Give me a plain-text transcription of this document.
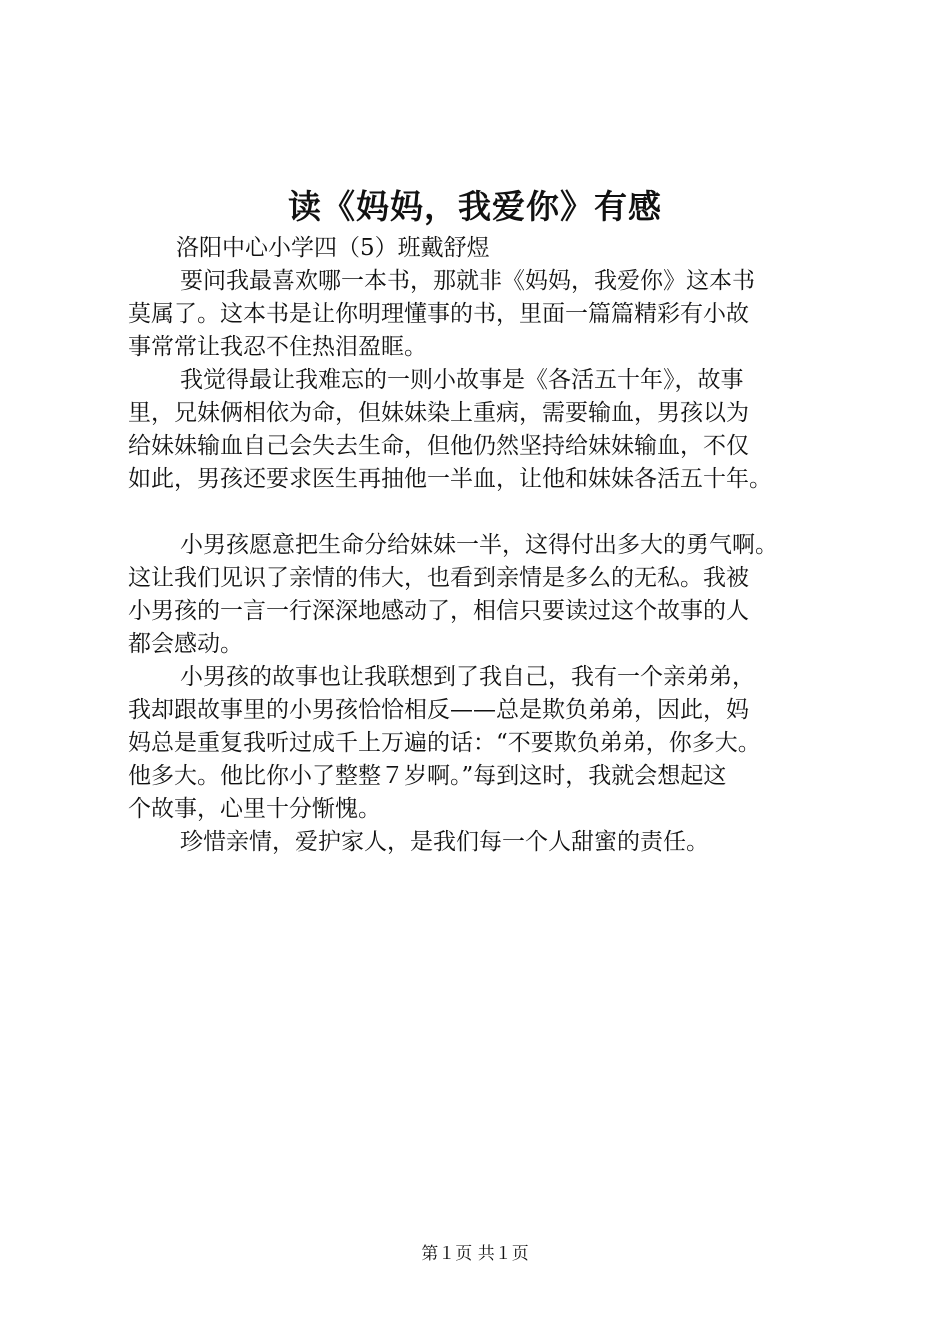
读《妈妈，我爱你》有感

洛阳中心小学四（5）班戴舒煜

要问我最喜欢哪一本书，那就非《妈妈，我爱你》这本书
莫属了。这本书是让你明理懂事的书，里面一篇篇精彩有小故
事常常让我忍不住热泪盈眶。

我觉得最让我难忘的一则小故事是《各活五十年》，故事
里，兄妹俩相依为命，但妹妹染上重病，需要输血，男孩以为
给妹妹输血自己会失去生命，但他仍然坚持给妹妹输血，不仅
如此，男孩还要求医生再抽他一半血，让他和妹妹各活五十年。

小男孩愿意把生命分给妹妹一半，这得付出多大的勇气啊。
这让我们见识了亲情的伟大，也看到亲情是多么的无私。我被
小男孩的一言一行深深地感动了，相信只要读过这个故事的人
都会感动。

小男孩的故事也让我联想到了我自己，我有一个亲弟弟，
我却跟故事里的小男孩恰恰相反——总是欺负弟弟，因此，妈
妈总是重复我听过成千上万遍的话：“不要欺负弟弟，你多大。
他多大。他比你小了整整７岁啊。”每到这时，我就会想起这
个故事，心里十分惭愧。

珍惜亲情，爱护家人，是我们每一个人甜蜜的责任。

第１页 共１页
